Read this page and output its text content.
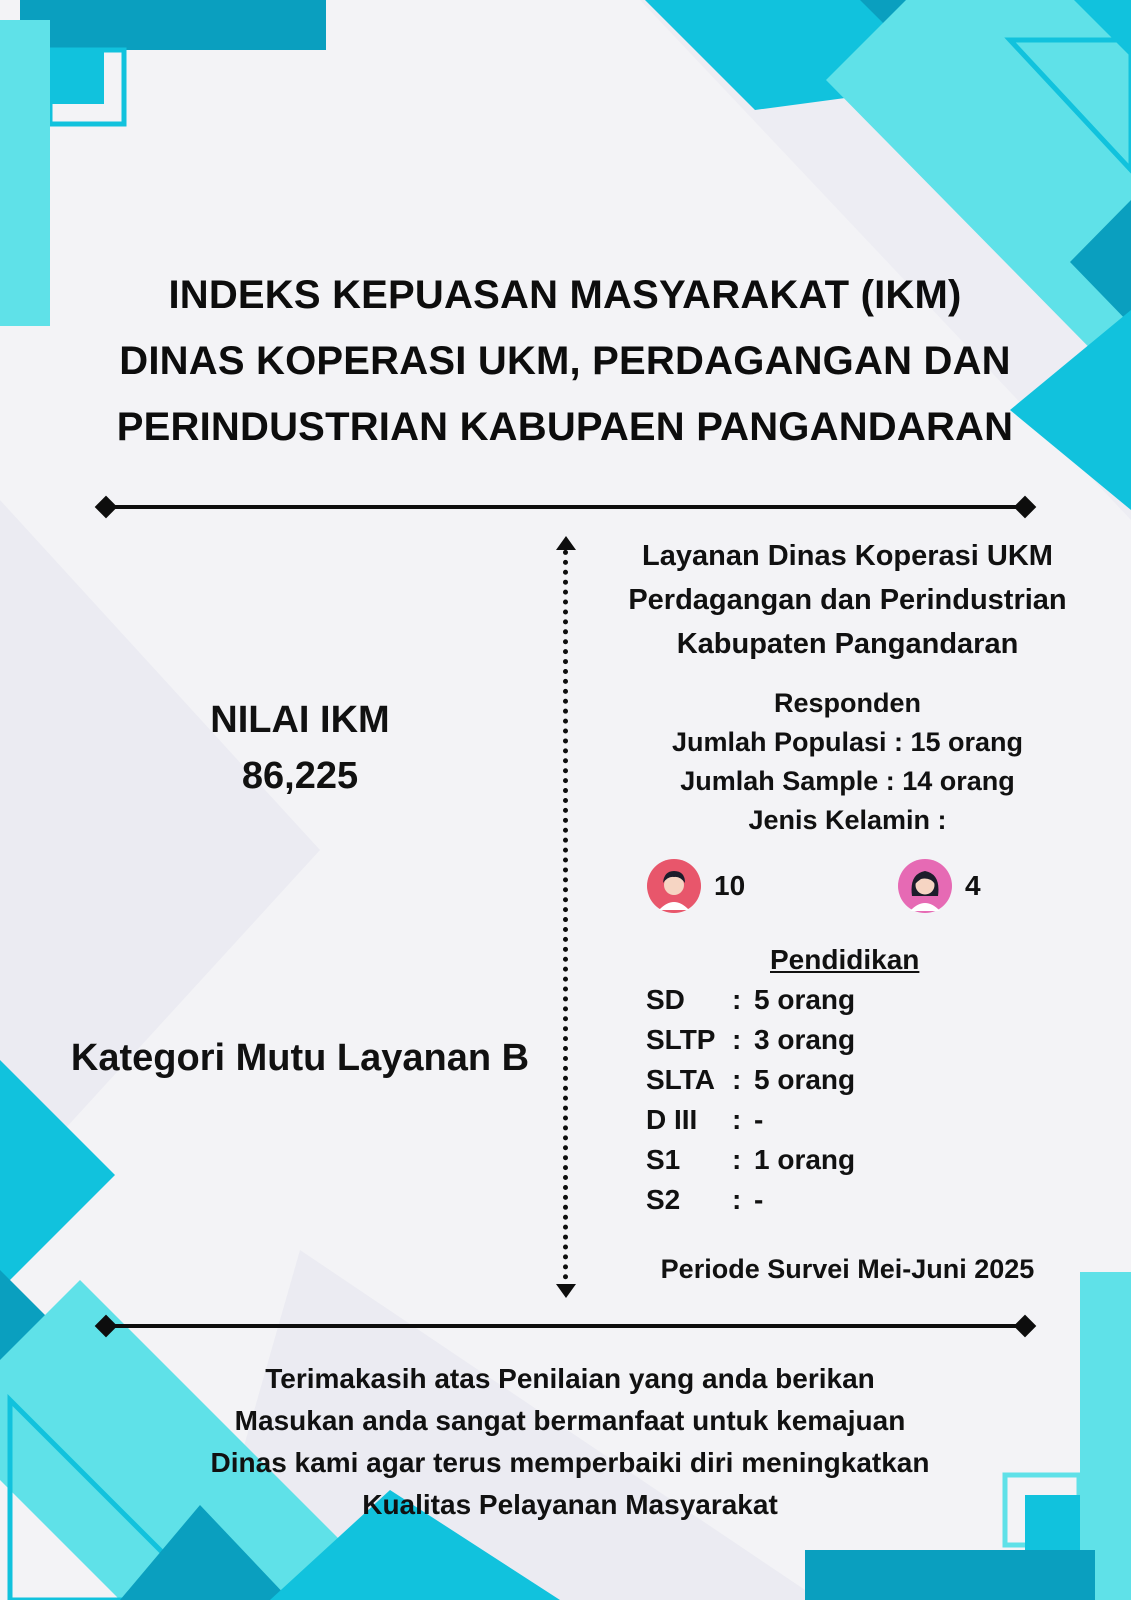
INDEKS KEPUASAN MASYARAKAT (IKM)
DINAS KOPERASI UKM, PERDAGANGAN DAN
PERINDUSTRIAN KABUPAEN PANGANDARAN
NILAI IKM
86,225
Kategori Mutu Layanan B
Layanan Dinas Koperasi UKM
Perdagangan dan Perindustrian
Kabupaten Pangandaran
Responden
Jumlah Populasi : 15 orang
Jumlah Sample : 14 orang
Jenis Kelamin :
10	4
Pendidikan
SD : 5 orang
SLTP : 3 orang
SLTA : 5 orang
D III : -
S1 : 1 orang
S2 : -
Periode Survei Mei-Juni 2025
Terimakasih atas Penilaian yang anda berikan
Masukan anda sangat bermanfaat untuk kemajuan
Dinas kami agar terus memperbaiki diri meningkatkan
Kualitas Pelayanan Masyarakat
